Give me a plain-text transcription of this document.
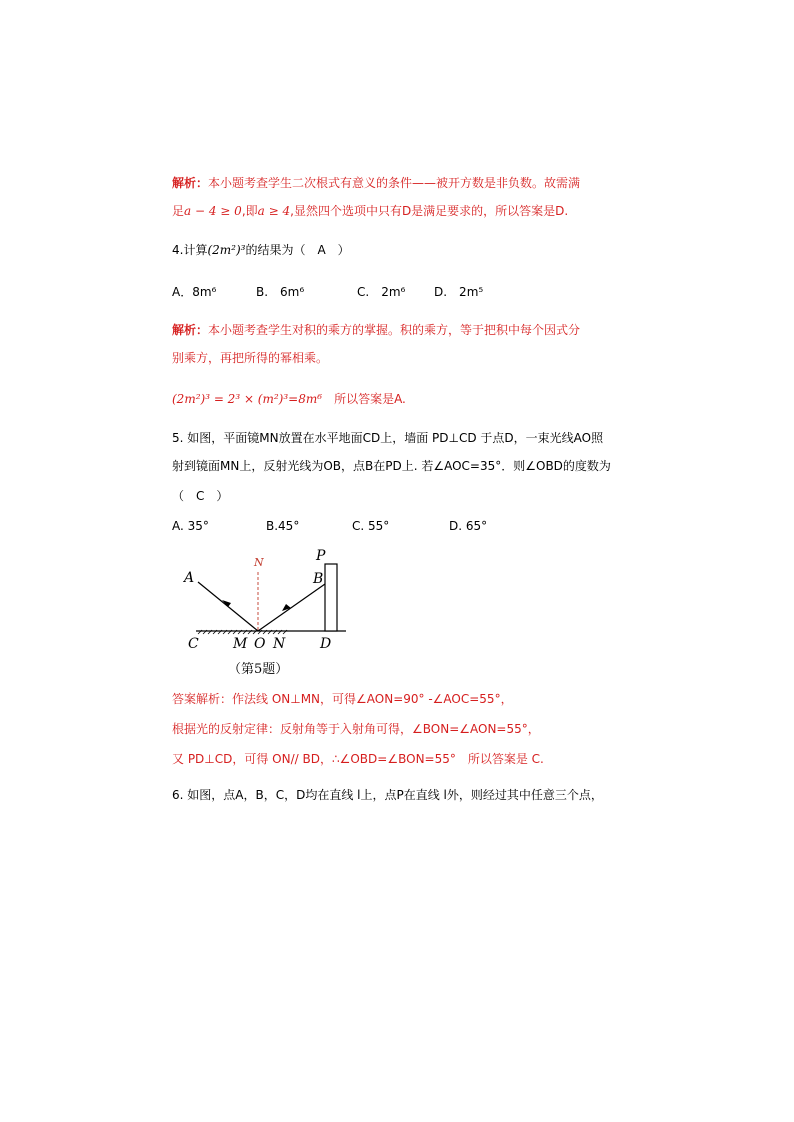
解析：本小题考查学生二次根式有意义的条件——被开方数是非负数。故需满
足a − 4 ≥ 0,即a ≥ 4,显然四个选项中只有D是满足要求的，所以答案是D.
4.计算(2m²)³的结果为（　A　）
A．8m⁶	B.　6m⁶	C.　2m⁶ D.　2m⁵
解析：本小题考查学生对积的乘方的掌握。积的乘方，等于把积中每个因式分
别乘方，再把所得的幂相乘。
(2m²)³ = 2³ × (m²)³=8m⁶　所以答案是A.
5. 如图，平面镜MN放置在水平地面CD上，墙面 PD⊥CD 于点D，一束光线AO照
射到镜面MN上，反射光线为OB，点B在PD上. 若∠AOC=35°．则∠OBD的度数为
（　C　）
A. 35°	B.45°	C. 55°	D. 65°
A	B
P
N
C M O N D
（第5题）
答案解析：作法线 ON⊥MN，可得∠AON=90° -∠AOC=55°，
根据光的反射定律：反射角等于入射角可得，∠BON=∠AON=55°，
又 PD⊥CD，可得 ON// BD，∴∠OBD=∠BON=55°　所以答案是 C.
6. 如图，点A，B，C，D均在直线 l上，点P在直线 l外，则经过其中任意三个点，
